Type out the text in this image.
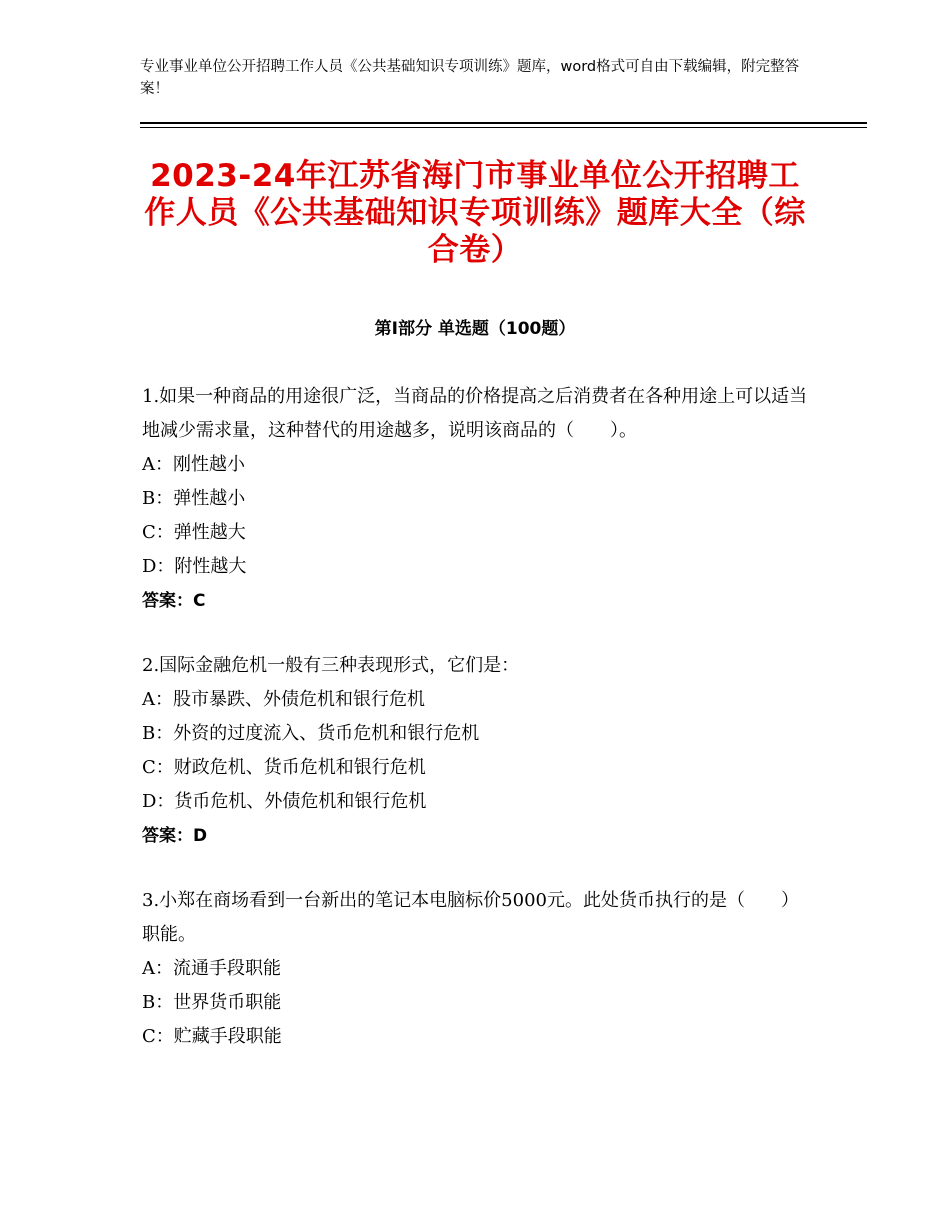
专业事业单位公开招聘工作人员《公共基础知识专项训练》题库，word格式可自由下载编辑，附完整答案！
2023-24年江苏省海门市事业单位公开招聘工作人员《公共基础知识专项训练》题库大全（综合卷）
第I部分 单选题（100题）
1.如果一种商品的用途很广泛，当商品的价格提高之后消费者在各种用途上可以适当地减少需求量，这种替代的用途越多，说明该商品的（　　）。
A：刚性越小
B：弹性越小
C：弹性越大
D：附性越大
答案：C
2.国际金融危机一般有三种表现形式，它们是：
A：股市暴跌、外债危机和银行危机
B：外资的过度流入、货币危机和银行危机
C：财政危机、货币危机和银行危机
D：货币危机、外债危机和银行危机
答案：D
3.小郑在商场看到一台新出的笔记本电脑标价5000元。此处货币执行的是（　　）职能。
A：流通手段职能
B：世界货币职能
C：贮藏手段职能
